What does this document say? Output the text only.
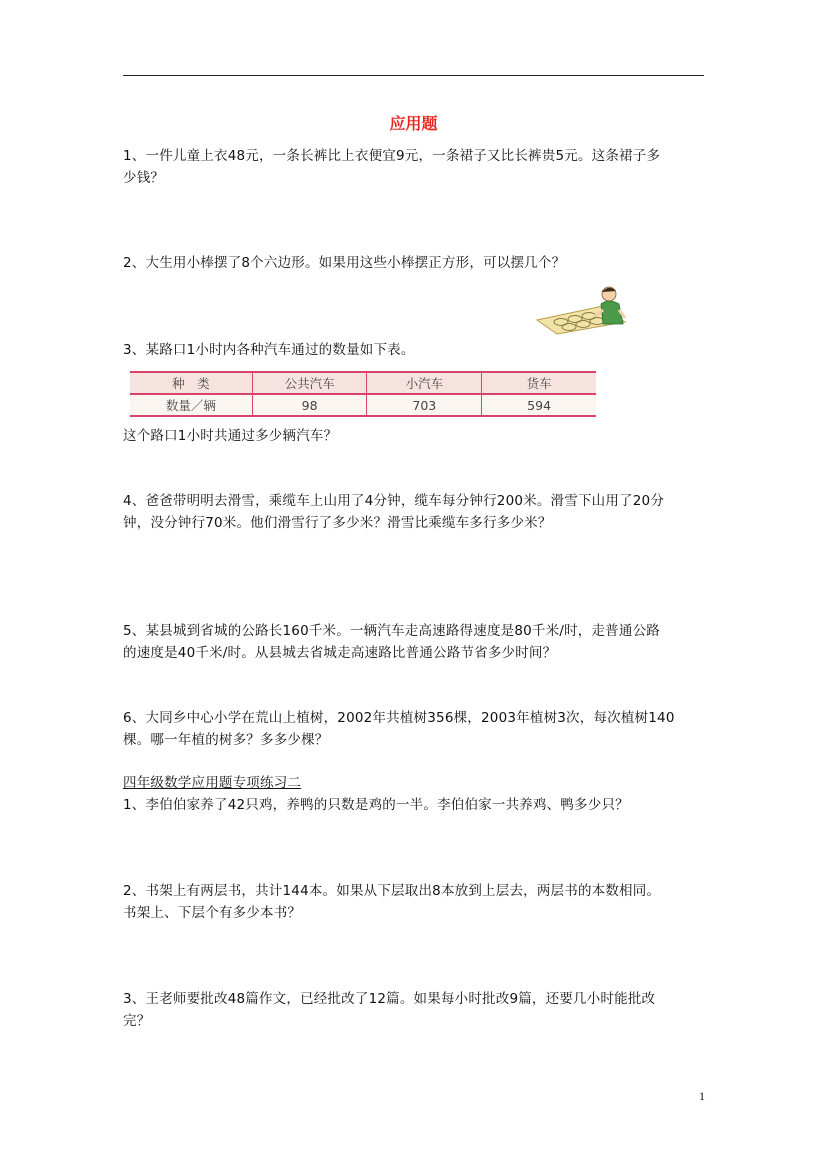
应用题

1、一件儿童上衣48元，一条长裤比上衣便宜9元，一条裙子又比长裤贵5元。这条裙子多

少钱？

2、大生用小棒摆了8个六边形。如果用这些小棒摆正方形，可以摆几个？

3、某路口1小时内各种汽车通过的数量如下表。

种　类	公共汽车	小汽车	货车
数量／辆	98	703	594

这个路口1小时共通过多少辆汽车？

4、爸爸带明明去滑雪，乘缆车上山用了4分钟，缆车每分钟行200米。滑雪下山用了20分

钟，没分钟行70米。他们滑雪行了多少米？滑雪比乘缆车多行多少米？

5、某县城到省城的公路长160千米。一辆汽车走高速路得速度是80千米/时，走普通公路

的速度是40千米/时。从县城去省城走高速路比普通公路节省多少时间？

6、大同乡中心小学在荒山上植树，2002年共植树356棵，2003年植树3次，每次植树140

棵。哪一年植的树多？多多少棵？

四年级数学应用题专项练习二

1、李伯伯家养了42只鸡，养鸭的只数是鸡的一半。李伯伯家一共养鸡、鸭多少只？

2、书架上有两层书，共计144本。如果从下层取出8本放到上层去，两层书的本数相同。

书架上、下层个有多少本书？

3、王老师要批改48篇作文，已经批改了12篇。如果每小时批改9篇，还要几小时能批改

完？

1
